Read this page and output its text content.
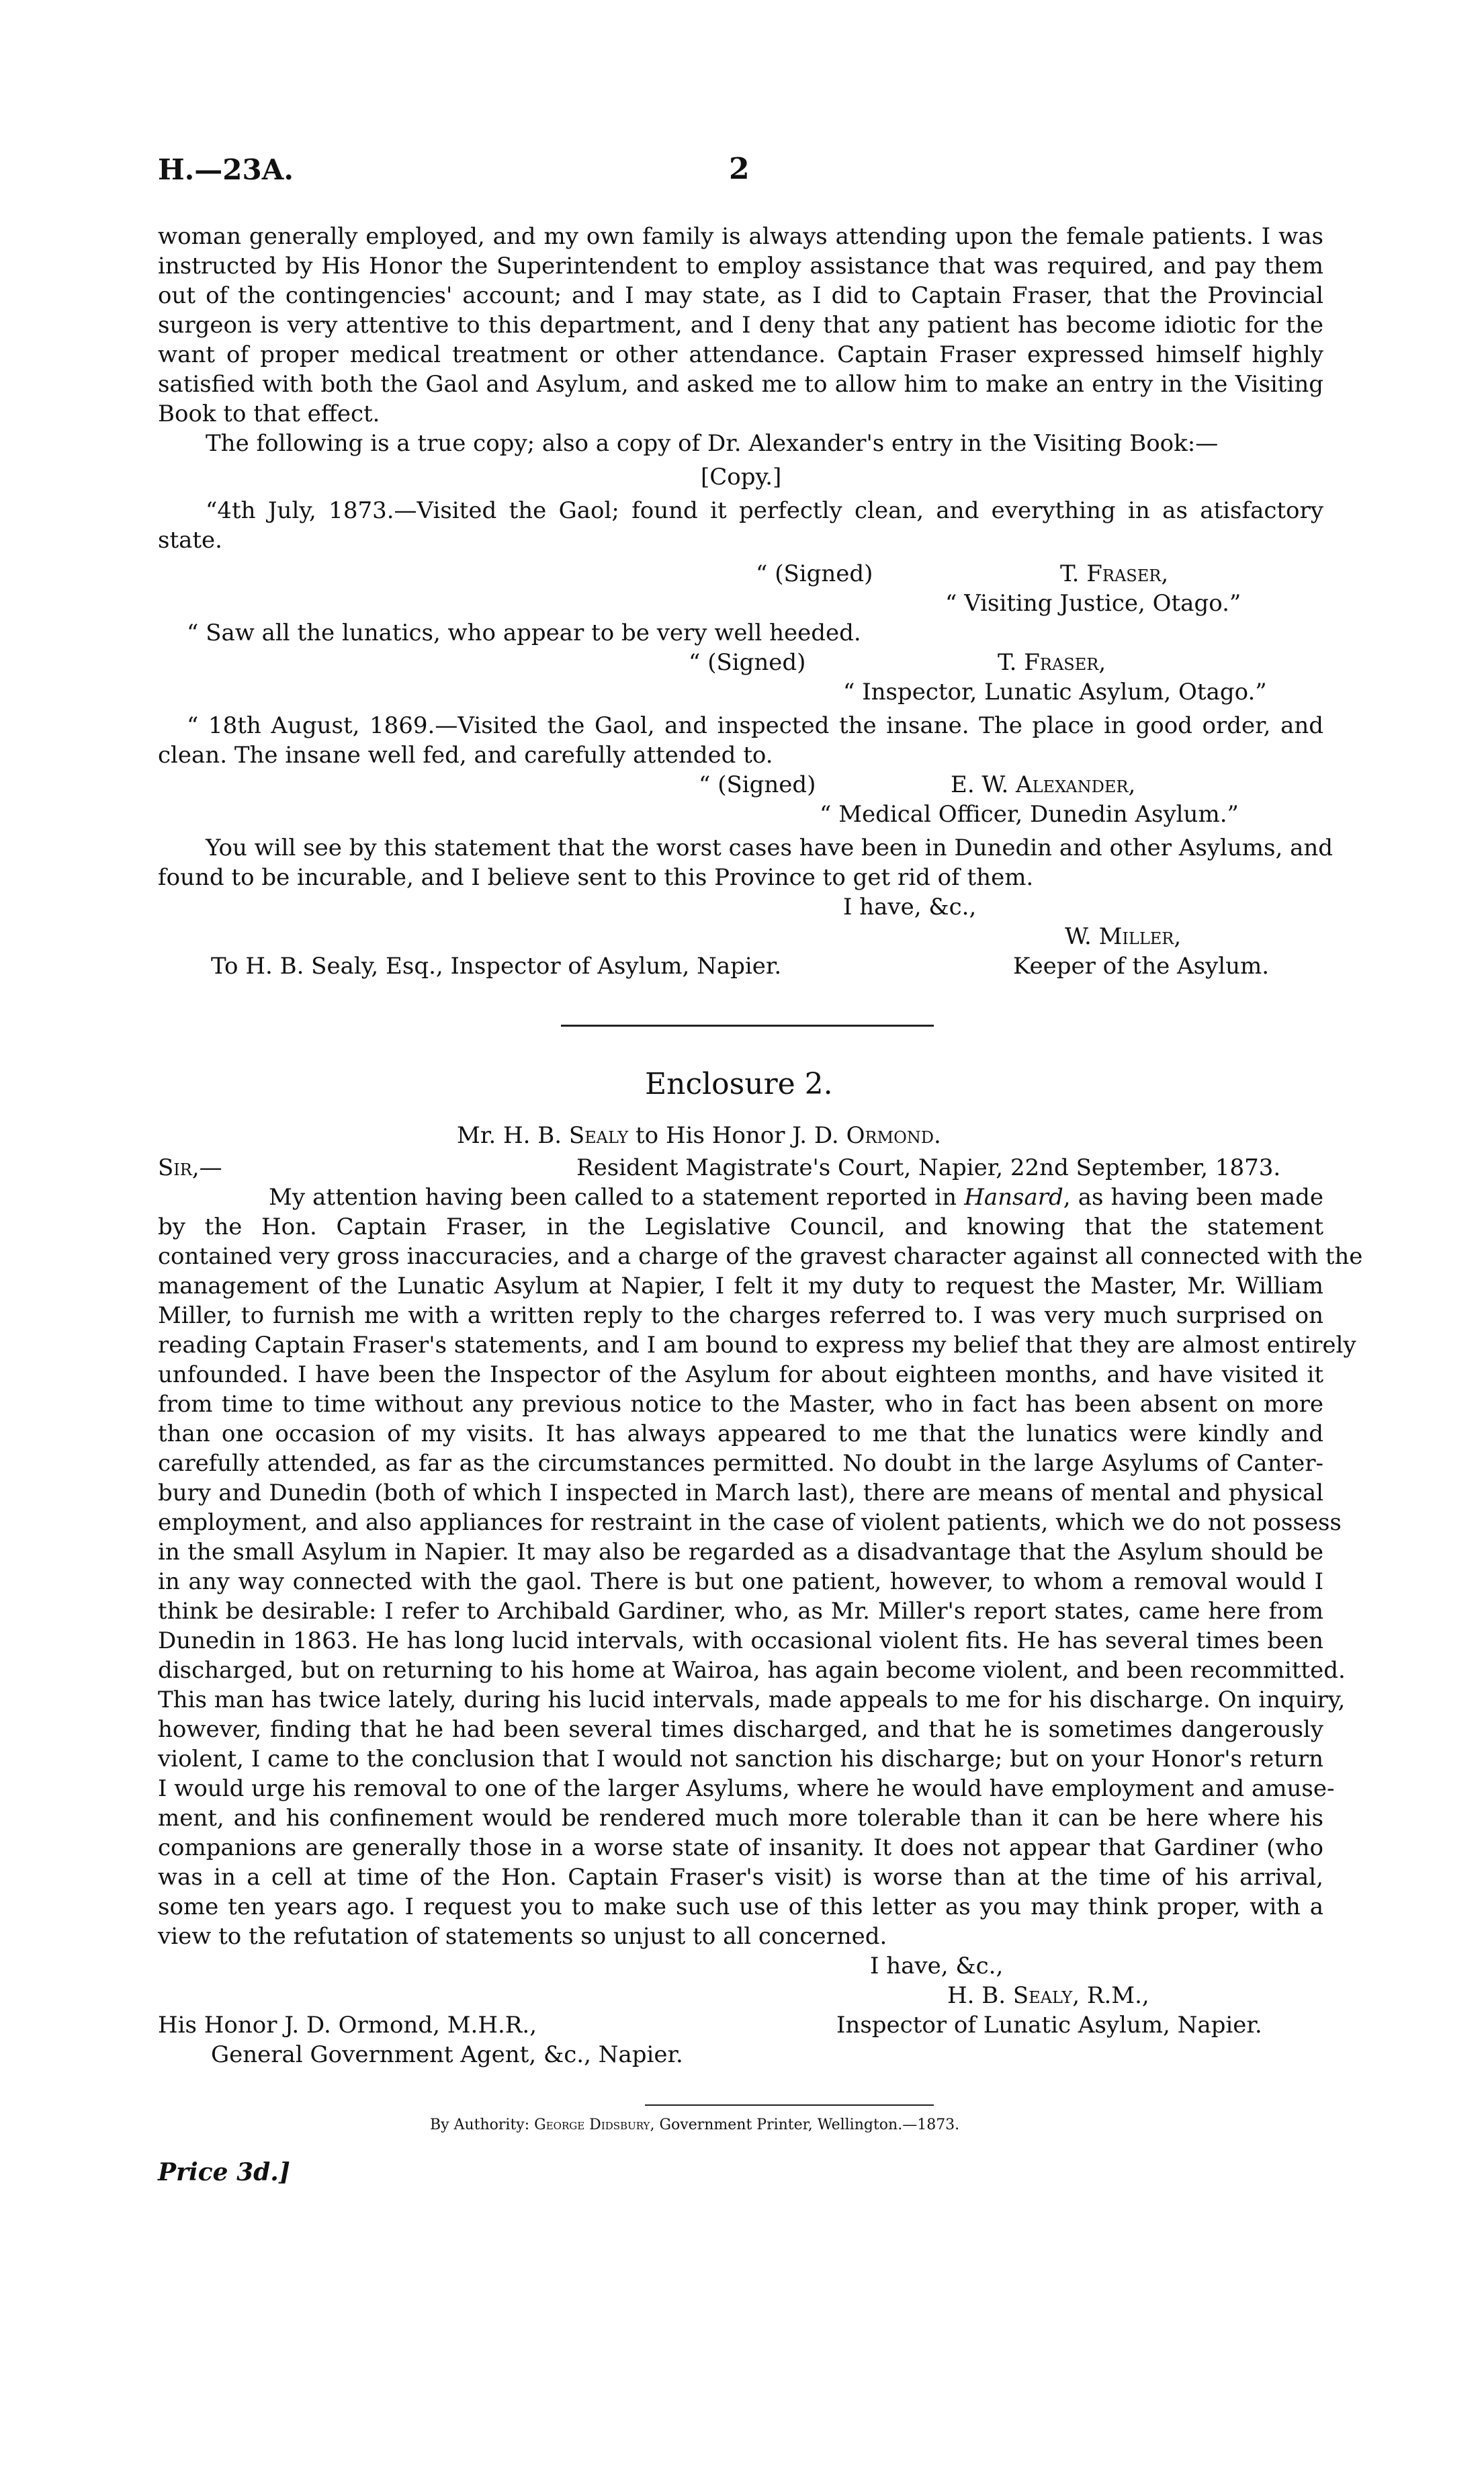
H.—23A.	2
woman generally employed, and my own family is always attending upon the female patients. I was
instructed by His Honor the Superintendent to employ assistance that was required, and pay them
out of the contingencies' account; and I may state, as I did to Captain Fraser, that the Provincial
surgeon is very attentive to this department, and I deny that any patient has become idiotic for the
want of proper medical treatment or other attendance. Captain Fraser expressed himself highly
satisfied with both the Gaol and Asylum, and asked me to allow him to make an entry in the Visiting
Book to that effect.
The following is a true copy; also a copy of Dr. Alexander's entry in the Visiting Book:—
[Copy.]
“4th July, 1873.—Visited the Gaol; found it perfectly clean, and everything in as atisfactory
state.
“ (Signed)	T. Fraser,
“ Visiting Justice, Otago.”
“ Saw all the lunatics, who appear to be very well heeded.
“ (Signed)	T. Fraser,
“ Inspector, Lunatic Asylum, Otago.”
“ 18th August, 1869.—Visited the Gaol, and inspected the insane. The place in good order, and
clean. The insane well fed, and carefully attended to.
“ (Signed)	E. W. Alexander,
“ Medical Officer, Dunedin Asylum.”
You will see by this statement that the worst cases have been in Dunedin and other Asylums, and
found to be incurable, and I believe sent to this Province to get rid of them.
I have, &c.,
W. Miller,
To H. B. Sealy, Esq., Inspector of Asylum, Napier.	Keeper of the Asylum.
Enclosure 2.
Mr. H. B. Sealy to His Honor J. D. Ormond.
Sir,—	Resident Magistrate's Court, Napier, 22nd September, 1873.
My attention having been called to a statement reported in Hansard, as having been made
by the Hon. Captain Fraser, in the Legislative Council, and knowing that the statement
contained very gross inaccuracies, and a charge of the gravest character against all connected with the
management of the Lunatic Asylum at Napier, I felt it my duty to request the Master, Mr. William
Miller, to furnish me with a written reply to the charges referred to. I was very much surprised on
reading Captain Fraser's statements, and I am bound to express my belief that they are almost entirely
unfounded. I have been the Inspector of the Asylum for about eighteen months, and have visited it
from time to time without any previous notice to the Master, who in fact has been absent on more
than one occasion of my visits. It has always appeared to me that the lunatics were kindly and
carefully attended, as far as the circumstances permitted. No doubt in the large Asylums of Canter-
bury and Dunedin (both of which I inspected in March last), there are means of mental and physical
employment, and also appliances for restraint in the case of violent patients, which we do not possess
in the small Asylum in Napier. It may also be regarded as a disadvantage that the Asylum should be
in any way connected with the gaol. There is but one patient, however, to whom a removal would I
think be desirable: I refer to Archibald Gardiner, who, as Mr. Miller's report states, came here from
Dunedin in 1863. He has long lucid intervals, with occasional violent fits. He has several times been
discharged, but on returning to his home at Wairoa, has again become violent, and been recommitted.
This man has twice lately, during his lucid intervals, made appeals to me for his discharge. On inquiry,
however, finding that he had been several times discharged, and that he is sometimes dangerously
violent, I came to the conclusion that I would not sanction his discharge; but on your Honor's return
I would urge his removal to one of the larger Asylums, where he would have employment and amuse-
ment, and his confinement would be rendered much more tolerable than it can be here where his
companions are generally those in a worse state of insanity. It does not appear that Gardiner (who
was in a cell at time of the Hon. Captain Fraser's visit) is worse than at the time of his arrival,
some ten years ago. I request you to make such use of this letter as you may think proper, with a
view to the refutation of statements so unjust to all concerned.
I have, &c.,
H. B. Sealy, R.M.,
His Honor J. D. Ormond, M.H.R.,	Inspector of Lunatic Asylum, Napier.
General Government Agent, &c., Napier.
By Authority: George Didsbury, Government Printer, Wellington.—1873.
Price 3d.]
